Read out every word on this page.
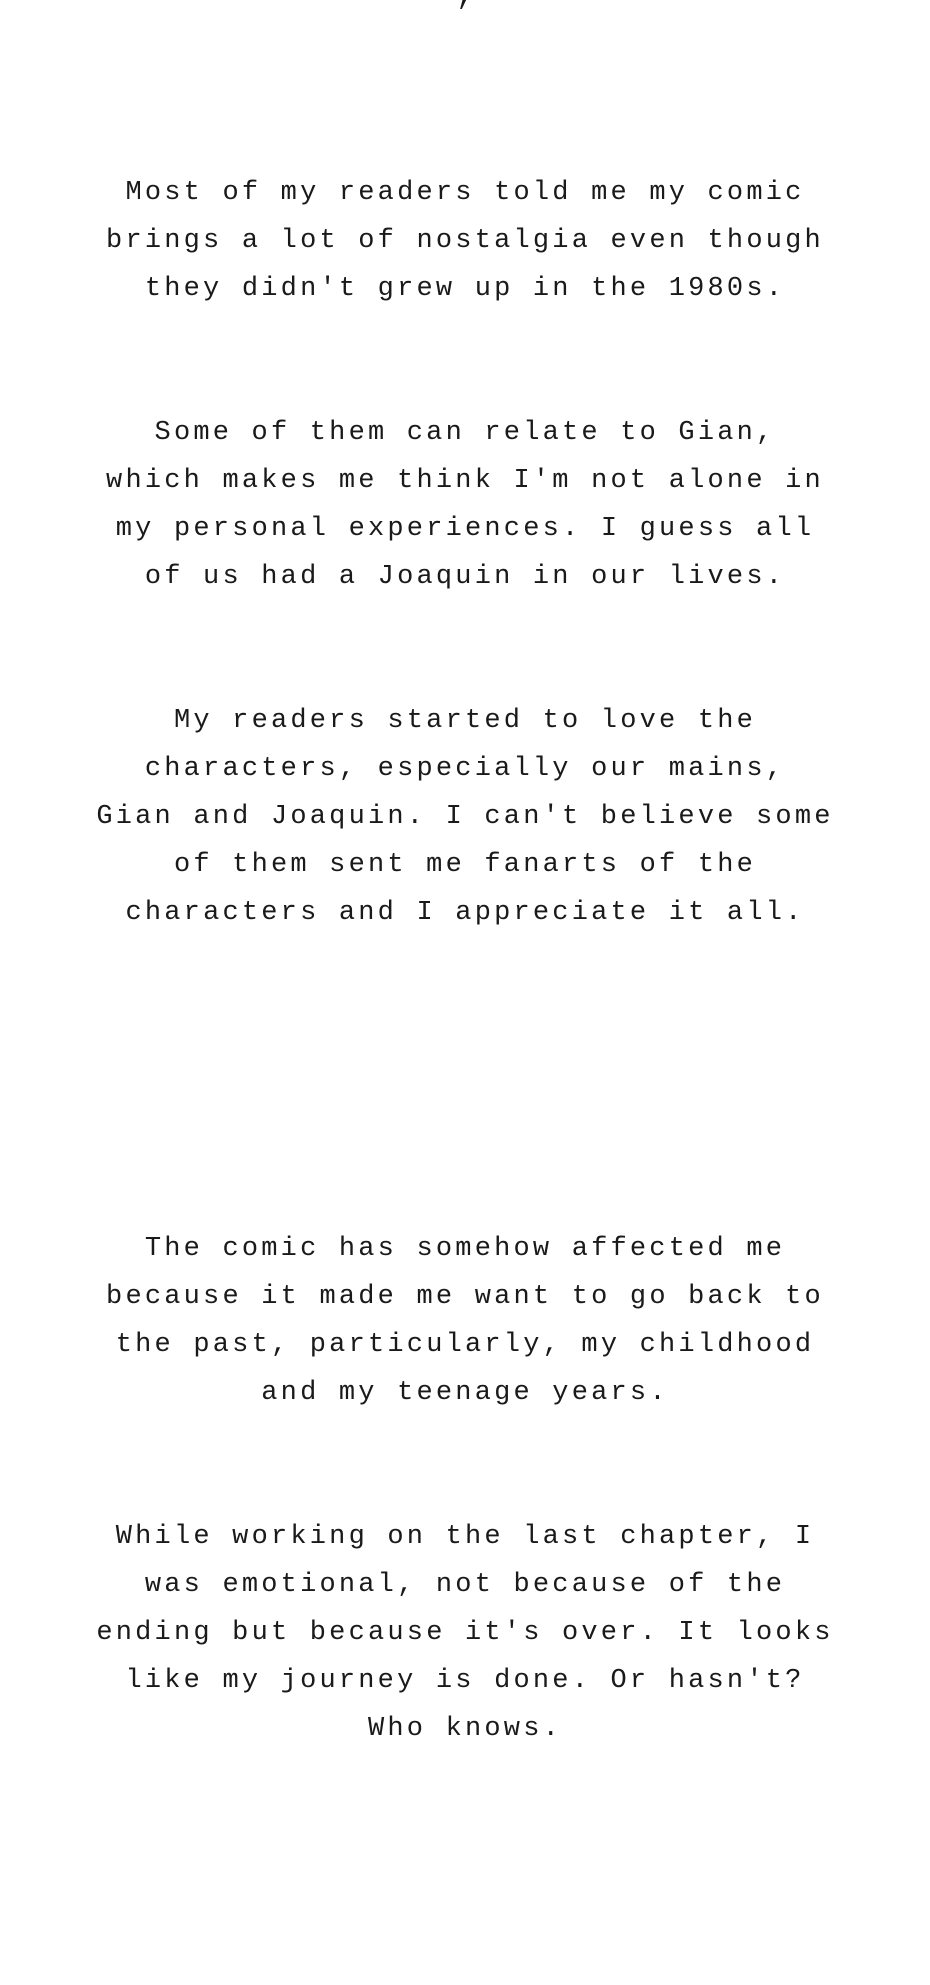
Most of my readers told me my comic
brings a lot of nostalgia even though
they didn't grew up in the 1980s.

Some of them can relate to Gian,
which makes me think I'm not alone in
my personal experiences. I guess all
of us had a Joaquin in our lives.

My readers started to love the
characters, especially our mains,
Gian and Joaquin. I can't believe some
of them sent me fanarts of the
characters and I appreciate it all.

The comic has somehow affected me
because it made me want to go back to
the past, particularly, my childhood
and my teenage years.

While working on the last chapter, I
was emotional, not because of the
ending but because it's over. It looks
like my journey is done. Or hasn't?
Who knows.
